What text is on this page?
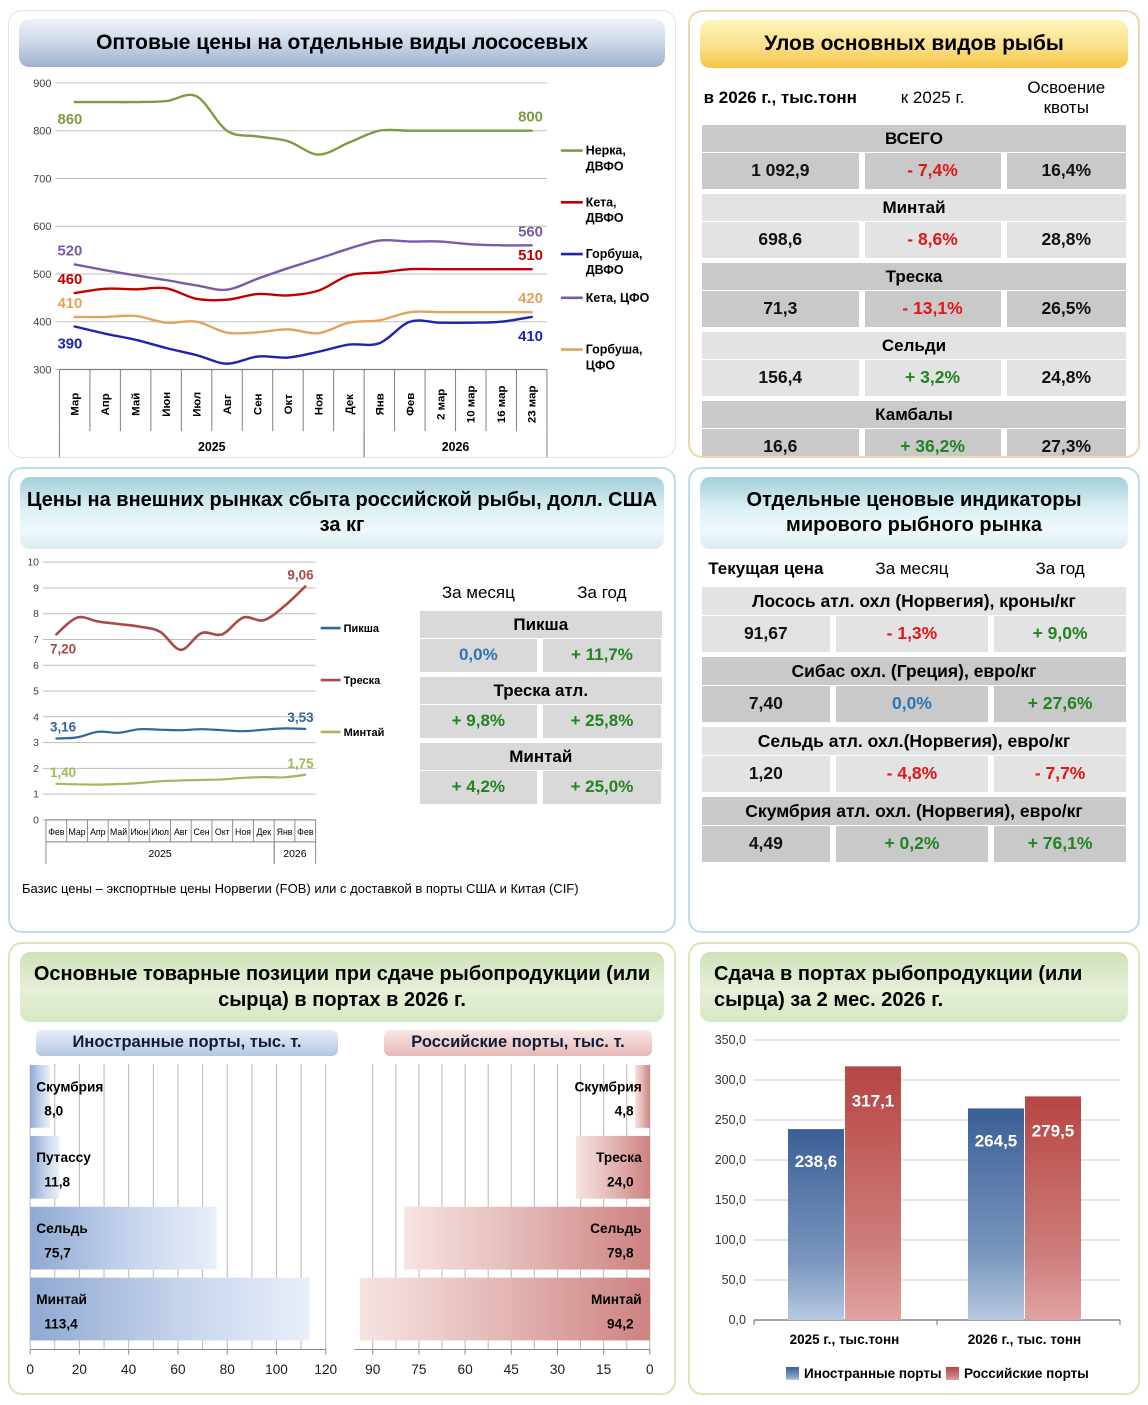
Оптовые цены на отдельные виды лососевых
300
400
500
600
700
800
900
Мар Апр Май Июн Июл Авг Сен Окт Ноя Дек Янв Фев 2 мар 10 мар 16 мар 23 мар
2025	2026
860	800
460
510
390	410
520
560
410	420
Нерка,
ДВФО
Кета,
ДВФО
Горбуша,
ДВФО
Кета, ЦФО
Горбуша,
ЦФО
Улов основных видов рыбы
в 2026 г., тыс.тонн	к 2025 г.
Освоение квоты
ВСЕГО
1 092,9	- 7,4%	16,4%
Минтай
698,6	- 8,6%	28,8%
Треска
71,3	- 13,1%	26,5%
Сельди
156,4	+ 3,2%	24,8%
Камбалы
16,6	+ 36,2%	27,3%
Цены на внешних рынках сбыта российской рыбы, долл. США за кг
0
1
2
3
4
5
6
7
8
9
10
Фев Мар Апр Май Июн Июл Авг Сен Окт Ноя Дек Янв Фев
2025	2026
3,16
3,53
7,20
9,06
1,40
1,75
Пикша
Треска
Минтай
За месяц	За год
Пикша
0,0%	+ 11,7%
Треска атл.
+ 9,8%	+ 25,8%
Минтай
+ 4,2%	+ 25,0%
Базис цены – экспортные цены Норвегии (FOB) или с доставкой в порты США и Китая (CIF)
Отдельные ценовые индикаторы мирового рыбного рынка
Текущая цена	За месяц	За год
Лосось атл. охл (Норвегия), кроны/кг
91,67	- 1,3%	+ 9,0%
Сибас охл. (Греция), евро/кг
7,40	0,0%	+ 27,6%
Сельдь атл. охл.(Норвегия), евро/кг
1,20	- 4,8%	- 7,7%
Скумбрия атл. охл. (Норвегия), евро/кг
4,49	+ 0,2%	+ 76,1%
Основные товарные позиции при сдаче рыбопродукции (или сырца) в портах в 2026 г.
Иностранные порты, тыс. т.	Российские порты, тыс. т.
0	20	40	60	80 100 120
Скумбрия
8,0
Путассу
11,8
Сельдь
75,7
Минтай
113,4
90 75 60 45 30 15	0
Скумбрия
4,8
Треска
24,0
Сельдь
79,8
Минтай
94,2
Сдача в портах рыбопродукции (или сырца) за 2 мес. 2026 г.
0,0
50,0
100,0
150,0
200,0
250,0
300,0
350,0
238,6
317,1
2025 г., тыс.тонн
264,5
279,5
2026 г., тыс. тонн
Иностранные порты Российские порты
